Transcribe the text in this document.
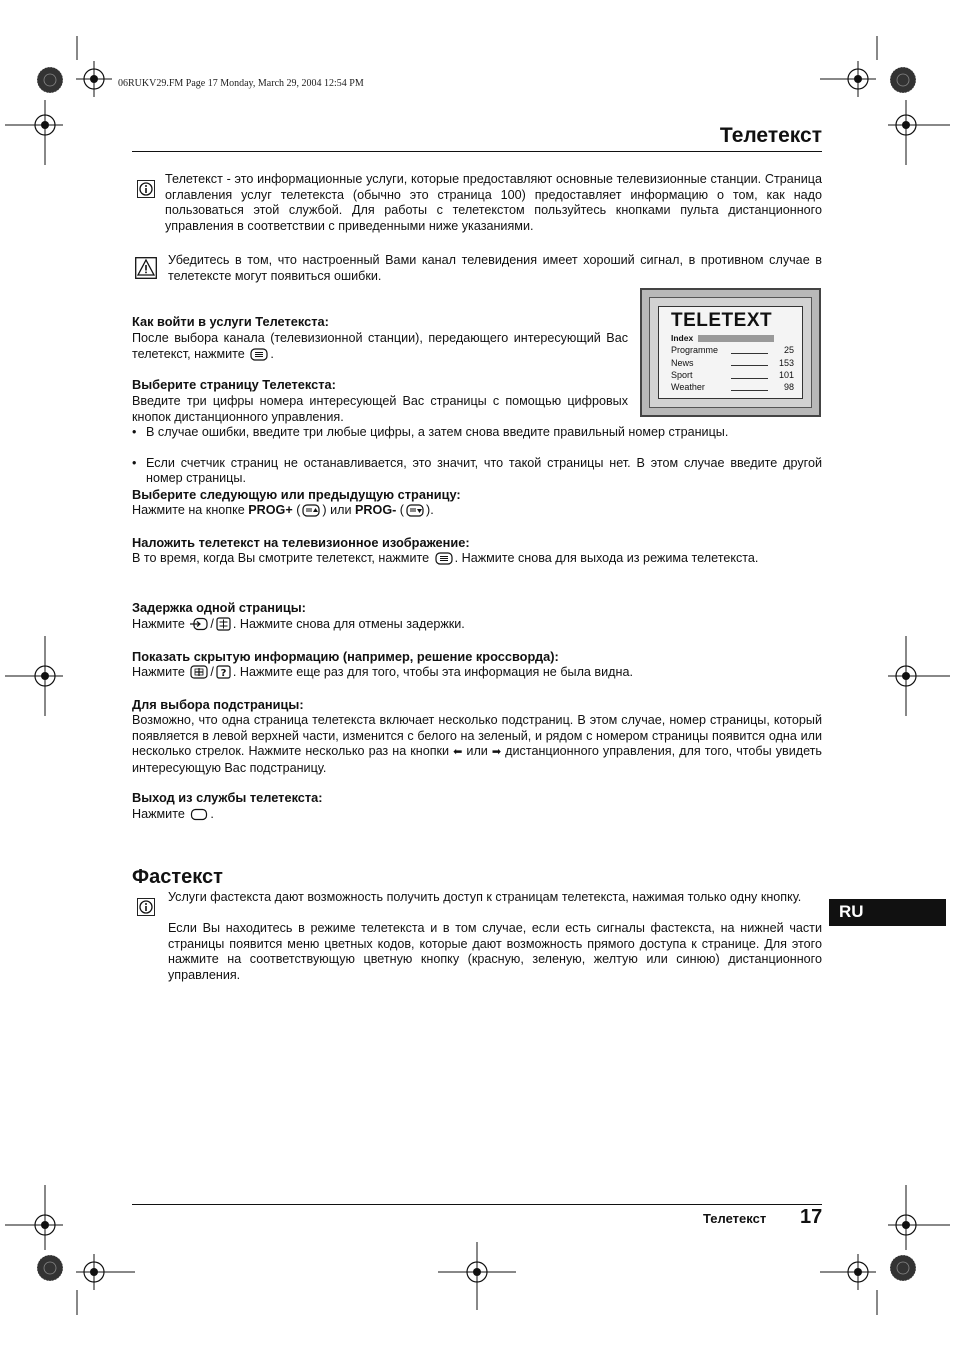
06RUKV29.FM Page 17 Monday, March 29, 2004 12:54 PM
Телетекст
Телетекст - это информационные услуги, которые предоставляют основные телевизионные станции. Страница оглавления услуг телетекста (обычно это страница 100) предоставляет информацию о том, как надо пользоваться этой службой. Для работы с телетекстом пользуйтесь кнопками пульта дистанционного управления в соответствии с приведенными ниже указаниями.
Убедитесь в том, что настроенный Вами канал телевидения имеет хороший сигнал, в противном случае в телетексте могут появиться ошибки.
TELETEXT
Index
Programme	25
News	153
Sport	101
Weather	98
Как войти в услуги Телетекста:
После выбора канала (телевизионной станции), передающего интересующий Вас телетекст, нажмите .
Выберите страницу Телетекста:
Введите три цифры номера интересующей Вас страницы с помощью цифровых кнопок дистанционного управления.
• В случае ошибки, введите три любые цифры, а затем снова введите правильный номер страницы.
• Если счетчик страниц не останавливается, это значит, что такой страницы нет. В этом случае введите другой номер страницы.
Выберите следующую или предыдущую страницу:
Нажмите на кнопке PROG+ ( ) или PROG- ( ).
Наложить телетекст на телевизионное изображение:
В то время, когда Вы смотрите телетекст, нажмите . Нажмите снова для выхода из режима телетекста.
Задержка одной страницы:
Нажмите / . Нажмите снова для отмены задержки.
Показать скрытую информацию (например, решение кроссворда):
Нажмите / ? . Нажмите еще раз для того, чтобы эта информация не была видна.
Для выбора подстраницы:
Возможно, что одна страница телетекста включает несколько подстраниц. В этом случае, номер страницы, который появляется в левой верхней части, изменится с белого на зеленый, и рядом с номером страницы появится одна или несколько стрелок. Нажмите несколько раз на кнопки ⬅ или ➡ дистанционного управления, для того, чтобы увидеть интересующую Вас подстраницу.
Выход из службы телетекста:
Нажмите .
Фастекст
Услуги фастекста дают возможность получить доступ к страницам телетекста, нажимая только одну кнопку.
Если Вы находитесь в режиме телетекста и в том случае, если есть сигналы фастекста, на нижней части страницы появится меню цветных кодов, которые дают возможность прямого доступа к странице. Для этого нажмите на соответствующую цветную кнопку (красную, зеленую, желтую или синюю) дистанционного управления.
RU
Телетекст 17
